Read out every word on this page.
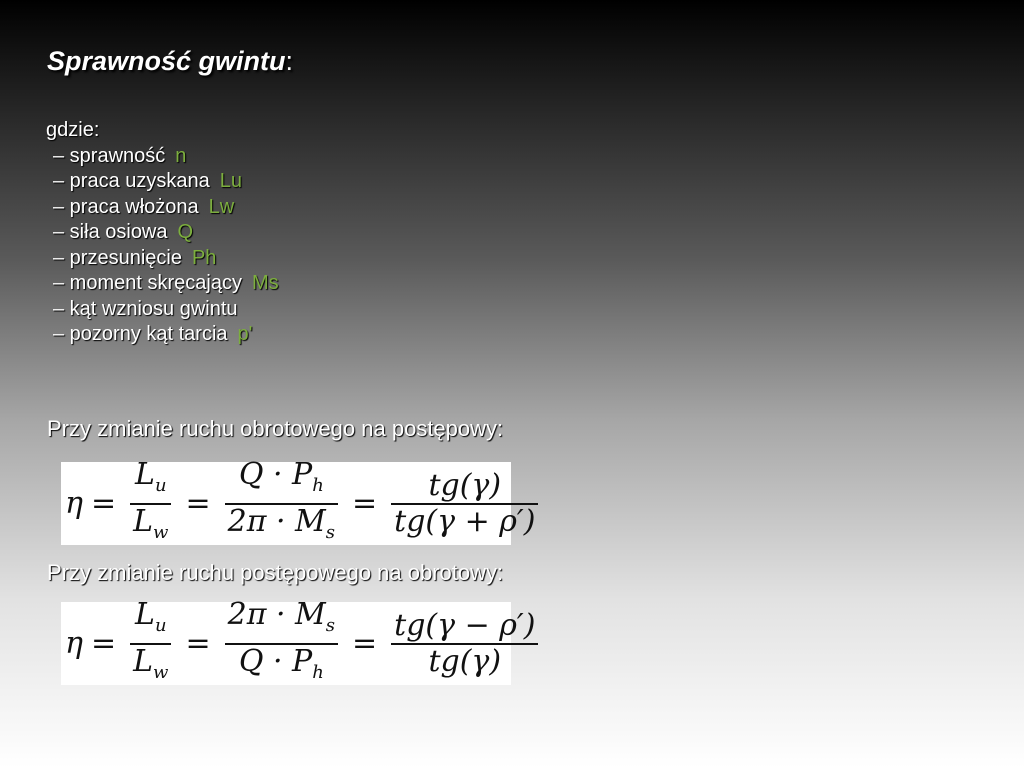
Sprawność gwintu:
gdzie:
– sprawność n
– praca uzyskana Lu
– praca włożona Lw
– siła osiowa Q
– przesunięcie Ph
– moment skręcający Ms
– kąt wzniosu gwintu
– pozorny kąt tarcia p'
Przy zmianie ruchu obrotowego na postępowy:
$\eta = \frac{L_u}{L_w} = \frac{Q \cdot P_h}{2\pi \cdot M_s} = \frac{tg(\gamma)}{tg(\gamma + \rho')}$
Przy zmianie ruchu postępowego na obrotowy:
$\eta = \frac{L_u}{L_w} = \frac{2\pi \cdot M_s}{Q \cdot P_h} = \frac{tg(\gamma - \rho')}{tg(\gamma)}$
